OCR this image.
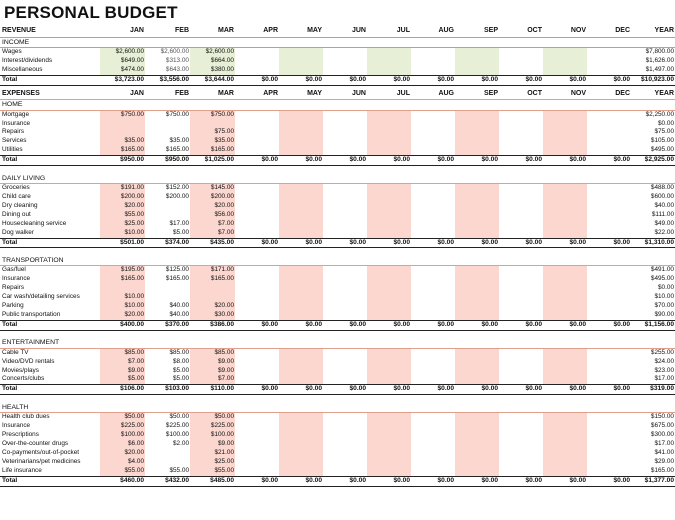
PERSONAL BUDGET
REVENUE	JAN	FEB	MAR	APR	MAY	JUN	JUL	AUG	SEP	OCT	NOV	DEC	YEAR
INCOME													
Wages	$2,600.00	$2,600.00	$2,600.00										$7,800.00
Interest/dividends	$649.00	$313.00	$664.00										$1,626.00
Miscellaneous	$474.00	$643.00	$380.00										$1,497.00
Total	$3,723.00	$3,556.00	$3,644.00	$0.00	$0.00	$0.00	$0.00	$0.00	$0.00	$0.00	$0.00	$0.00	$10,923.00

EXPENSES	JAN	FEB	MAR	APR	MAY	JUN	JUL	AUG	SEP	OCT	NOV	DEC	YEAR
HOME													
Mortgage	$750.00	$750.00	$750.00										$2,250.00
Insurance													$0.00
Repairs			$75.00										$75.00
Services	$35.00	$35.00	$35.00										$105.00
Utilities	$165.00	$165.00	$165.00										$495.00
Total	$950.00	$950.00	$1,025.00	$0.00	$0.00	$0.00	$0.00	$0.00	$0.00	$0.00	$0.00	$0.00	$2,925.00

DAILY LIVING													
Groceries	$191.00	$152.00	$145.00										$488.00
Child care	$200.00	$200.00	$200.00										$600.00
Dry cleaning	$20.00		$20.00										$40.00
Dining out	$55.00		$56.00										$111.00
Housecleaning service	$25.00	$17.00	$7.00										$49.00
Dog walker	$10.00	$5.00	$7.00										$22.00
Total	$501.00	$374.00	$435.00	$0.00	$0.00	$0.00	$0.00	$0.00	$0.00	$0.00	$0.00	$0.00	$1,310.00

TRANSPORTATION													
Gas/fuel	$195.00	$125.00	$171.00										$491.00
Insurance	$165.00	$165.00	$165.00										$495.00
Repairs													$0.00
Car wash/detailing services	$10.00												$10.00
Parking	$10.00	$40.00	$20.00										$70.00
Public transportation	$20.00	$40.00	$30.00										$90.00
Total	$400.00	$370.00	$386.00	$0.00	$0.00	$0.00	$0.00	$0.00	$0.00	$0.00	$0.00	$0.00	$1,156.00

ENTERTAINMENT													
Cable TV	$85.00	$85.00	$85.00										$255.00
Video/DVD rentals	$7.00	$8.00	$9.00										$24.00
Movies/plays	$9.00	$5.00	$9.00										$23.00
Concerts/clubs	$5.00	$5.00	$7.00										$17.00
Total	$106.00	$103.00	$110.00	$0.00	$0.00	$0.00	$0.00	$0.00	$0.00	$0.00	$0.00	$0.00	$319.00

HEALTH													
Health club dues	$50.00	$50.00	$50.00										$150.00
Insurance	$225.00	$225.00	$225.00										$675.00
Prescriptions	$100.00	$100.00	$100.00										$300.00
Over-the-counter drugs	$6.00	$2.00	$9.00										$17.00
Co-payments/out-of-pocket	$20.00		$21.00										$41.00
Veterinarians/pet medicines	$4.00		$25.00										$29.00
Life insurance	$55.00	$55.00	$55.00										$165.00
Total	$460.00	$432.00	$485.00	$0.00	$0.00	$0.00	$0.00	$0.00	$0.00	$0.00	$0.00	$0.00	$1,377.00
